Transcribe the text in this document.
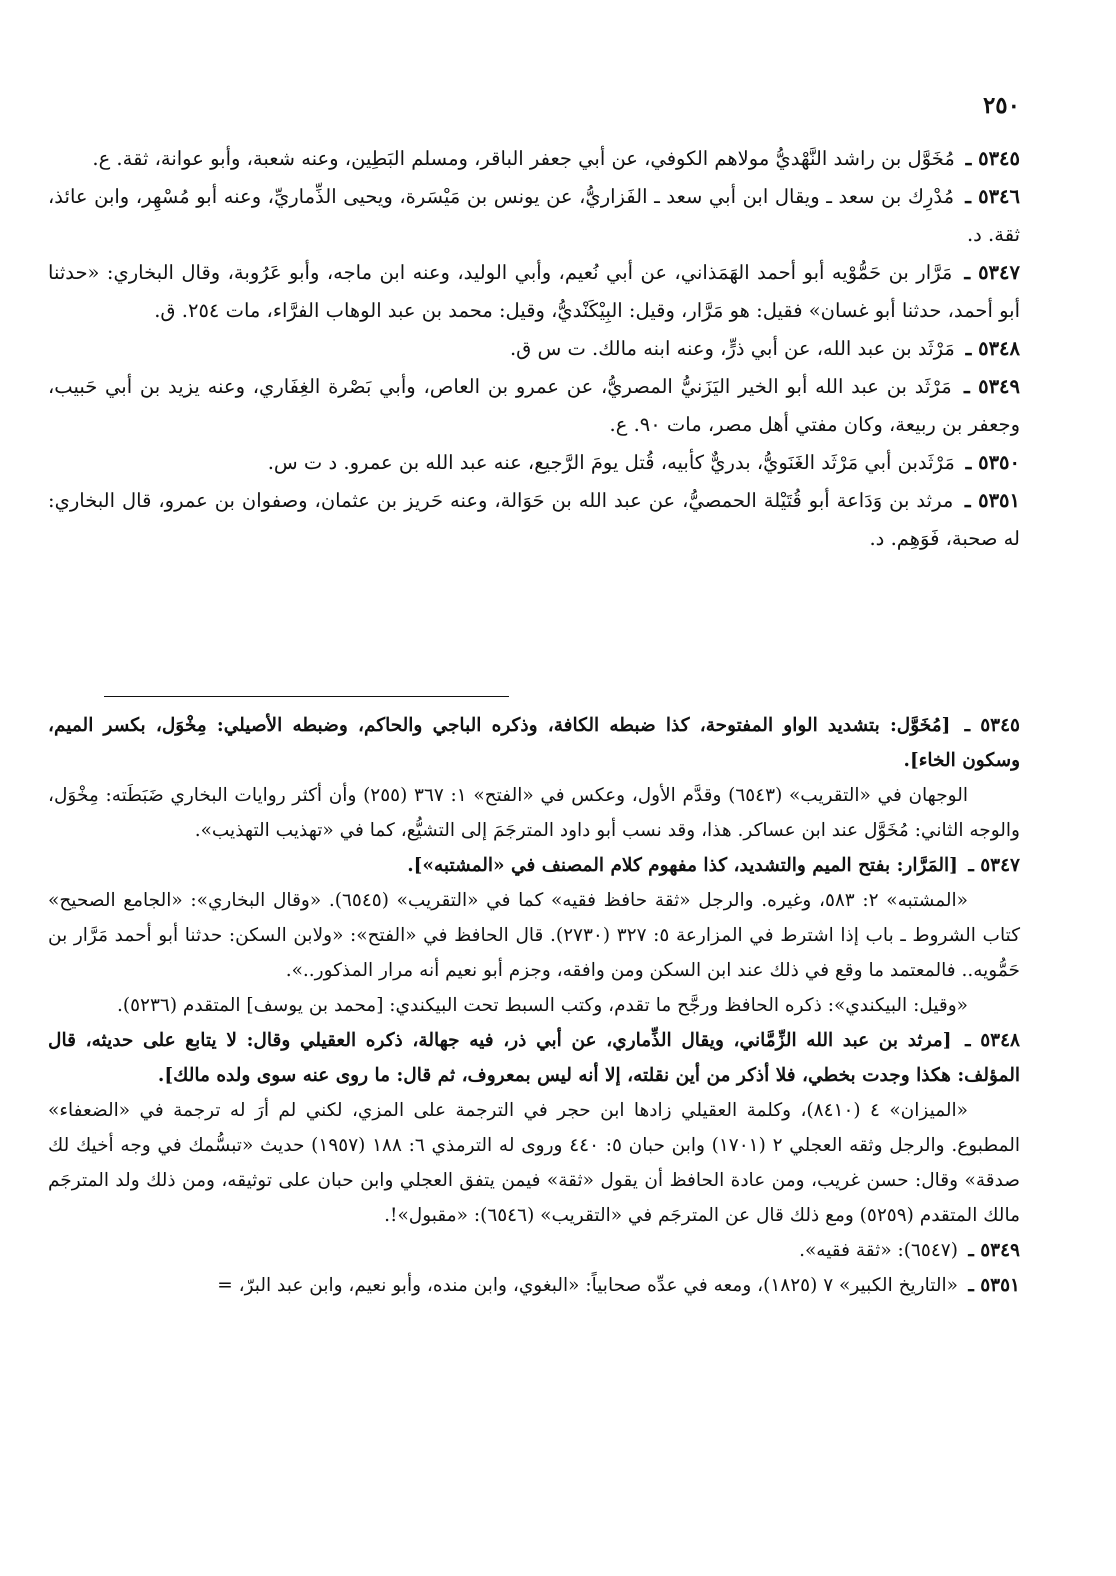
٢٥٠

٥٣٤٥ ـ مُخَوَّل بن راشد النَّهْديُّ مولاهم الكوفي، عن أبي جعفر الباقر، ومسلم البَطِين، وعنه شعبة، وأبو عوانة، ثقة. ع.

٥٣٤٦ ـ مُدْرِك بن سعد ـ ويقال ابن أبي سعد ـ الفَزاريُّ، عن يونس بن مَيْسَرة، ويحيى الذِّماريِّ، وعنه أبو مُسْهِر، وابن عائذ، ثقة. د.

٥٣٤٧ ـ مَرَّار بن حَمُّوْيه أبو أحمد الهَمَذاني، عن أبي نُعيم، وأبي الوليد، وعنه ابن ماجه، وأبو عَرُوبة، وقال البخاري: «حدثنا أبو أحمد، حدثنا أبو غسان» فقيل: هو مَرَّار، وقيل: البِيْكَنْديُّ، وقيل: محمد بن عبد الوهاب الفرَّاء، مات ٢٥٤. ق.

٥٣٤٨ ـ مَرْثَد بن عبد الله، عن أبي ذرٍّ، وعنه ابنه مالك. ت س ق.

٥٣٤٩ ـ مَرْثَد بن عبد الله أبو الخير اليَزَنيُّ المصريُّ، عن عمرو بن العاص، وأبي بَصْرة الغِفَاري، وعنه يزيد بن أبي حَبيب، وجعفر بن ربيعة، وكان مفتي أهل مصر، مات ٩٠. ع.

٥٣٥٠ ـ مَرْثَدبن أبي مَرْثَد الغَنَويُّ، بدريٌّ كأبيه، قُتل يومَ الرَّجيع، عنه عبد الله بن عمرو. د ت س.

٥٣٥١ ـ مرثد بن وَدَاعة أبو قُتَيْلة الحمصيُّ، عن عبد الله بن حَوَالة، وعنه حَريز بن عثمان، وصفوان بن عمرو، قال البخاري: له صحبة، فَوَهِم. د.

٥٣٤٥ ـ [مُخَوَّل: بتشديد الواو المفتوحة، كذا ضبطه الكافة، وذكره الباجي والحاكم، وضبطه الأصيلي: مِخْوَل، بكسر الميم، وسكون الخاء].

الوجهان في «التقريب» (٦٥٤٣) وقدَّم الأول، وعكس في «الفتح» ١: ٣٦٧ (٢٥٥) وأن أكثر روايات البخاري ضَبَطَته: مِخْوَل، والوجه الثاني: مُخَوَّل عند ابن عساكر. هذا، وقد نسب أبو داود المترجَمَ إلى التشيُّع، كما في «تهذيب التهذيب».

٥٣٤٧ ـ [المَرَّار: بفتح الميم والتشديد، كذا مفهوم كلام المصنف في «المشتبه»].

«المشتبه» ٢: ٥٨٣، وغيره. والرجل «ثقة حافظ فقيه» كما في «التقريب» (٦٥٤٥). «وقال البخاري»: «الجامع الصحيح» كتاب الشروط ـ باب إذا اشترط في المزارعة ٥: ٣٢٧ (٢٧٣٠). قال الحافظ في «الفتح»: «ولابن السكن: حدثنا أبو أحمد مَرَّار بن حَمُّويه.. فالمعتمد ما وقع في ذلك عند ابن السكن ومن وافقه، وجزم أبو نعيم أنه مرار المذكور..».

«وقيل: البيكندي»: ذكره الحافظ ورجَّح ما تقدم، وكتب السبط تحت البيكندي: [محمد بن يوسف] المتقدم (٥٢٣٦).

٥٣٤٨ ـ [مرثد بن عبد الله الزِّمَّاني، ويقال الذِّماري، عن أبي ذر، فيه جهالة، ذكره العقيلي وقال: لا يتابع على حديثه، قال المؤلف: هكذا وجدت بخطي، فلا أذكر من أين نقلته، إلا أنه ليس بمعروف، ثم قال: ما روى عنه سوى ولده مالك].

«الميزان» ٤ (٨٤١٠)، وكلمة العقيلي زادها ابن حجر في الترجمة على المزي، لكني لم أرَ له ترجمة في «الضعفاء» المطبوع. والرجل وثقه العجلي ٢ (١٧٠١) وابن حبان ٥: ٤٤٠ وروى له الترمذي ٦: ١٨٨ (١٩٥٧) حديث «تبسُّمك في وجه أخيك لك صدقة» وقال: حسن غريب، ومن عادة الحافظ أن يقول «ثقة» فيمن يتفق العجلي وابن حبان على توثيقه، ومن ذلك ولد المترجَم مالك المتقدم (٥٢٥٩) ومع ذلك قال عن المترجَم في «التقريب» (٦٥٤٦): «مقبول»!.

٥٣٤٩ ـ (٦٥٤٧): «ثقة فقيه».

٥٣٥١ ـ «التاريخ الكبير» ٧ (١٨٢٥)، ومعه في عدِّه صحابياً: «البغوي، وابن منده، وأبو نعيم، وابن عبد البرّ، =
